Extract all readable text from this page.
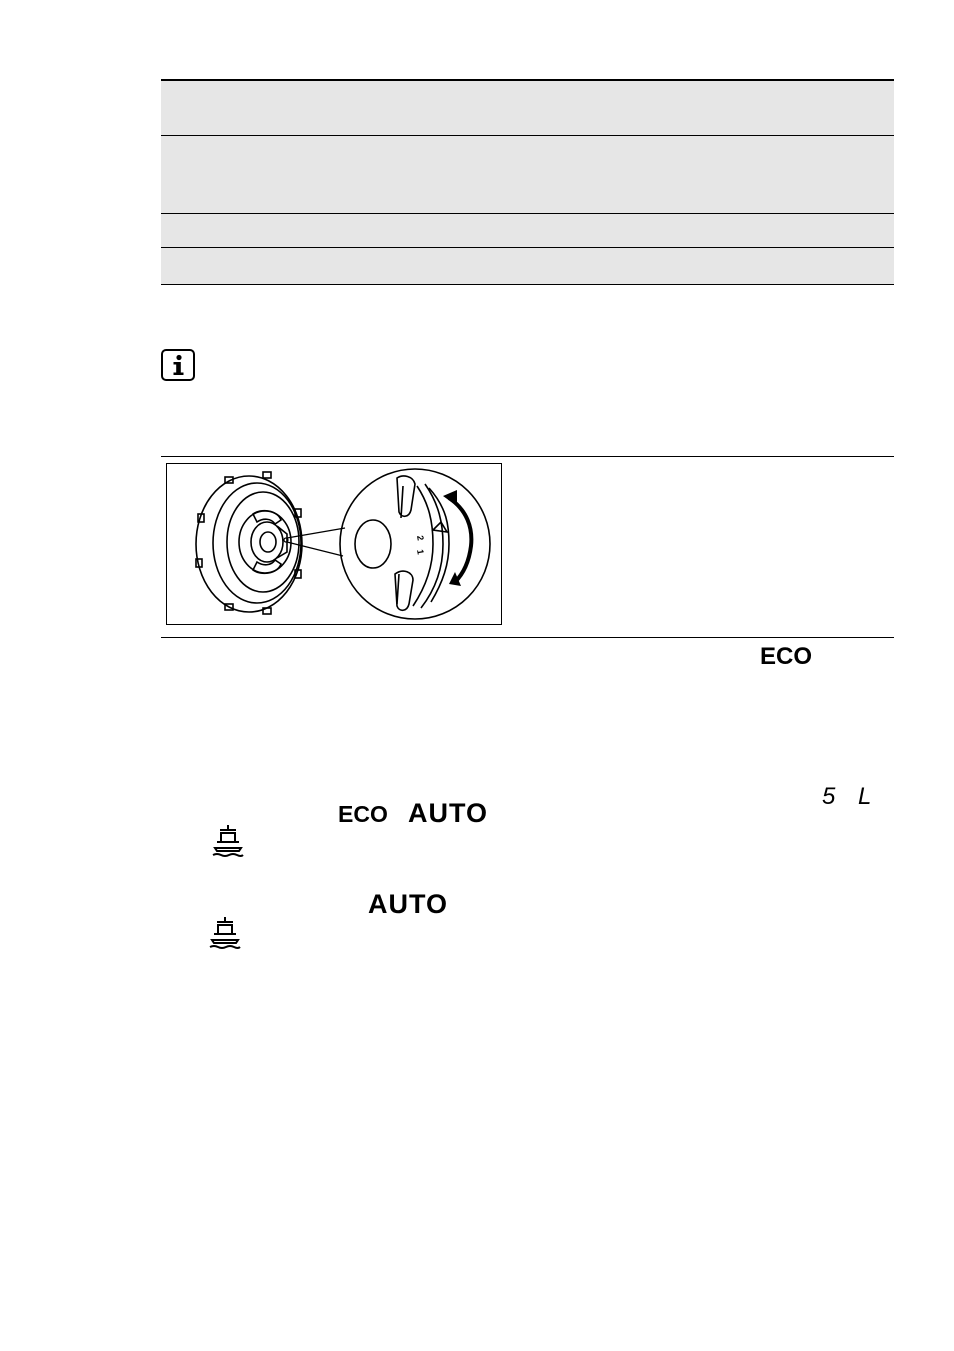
2
1
ECO
5 L
ECO AUTO
AUTO
